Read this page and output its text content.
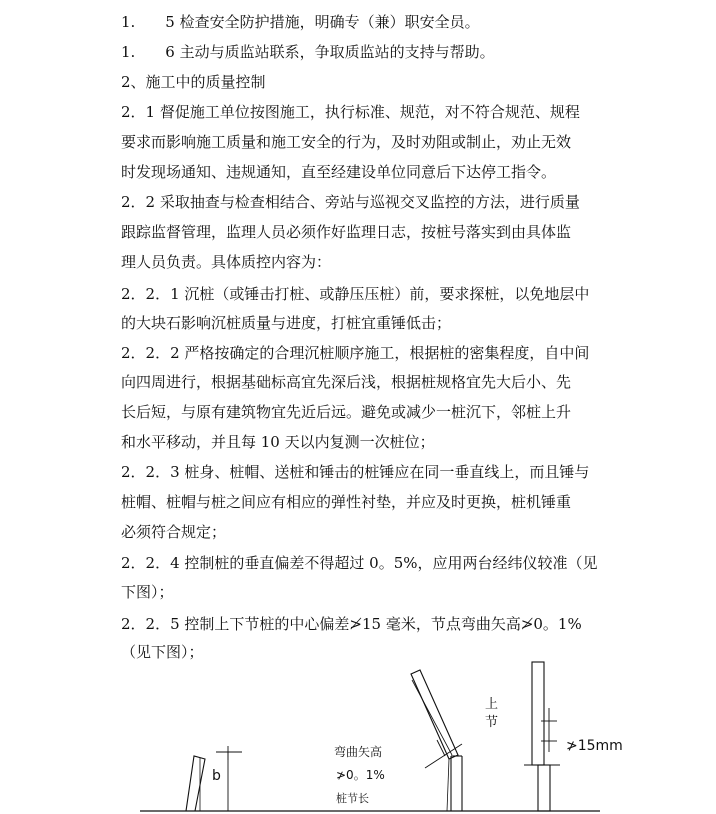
1.　　5 检查安全防护措施，明确专（兼）职安全员。
1.　　6 主动与质监站联系，争取质监站的支持与帮助。
2、施工中的质量控制
2．1 督促施工单位按图施工，执行标准、规范，对不符合规范、规程
要求而影响施工质量和施工安全的行为，及时劝阻或制止，劝止无效
时发现场通知、违规通知，直至经建设单位同意后下达停工指令。
2．2 采取抽查与检查相结合、旁站与巡视交叉监控的方法，进行质量
跟踪监督管理，监理人员必须作好监理日志，按桩号落实到由具体监
理人员负责。具体质控内容为：
2．2．1 沉桩（或锤击打桩、或静压压桩）前，要求探桩，以免地层中
的大块石影响沉桩质量与进度，打桩宜重锤低击；
2．2．2 严格按确定的合理沉桩顺序施工，根据桩的密集程度，自中间
向四周进行，根据基础标高宜先深后浅，根据桩规格宜先大后小、先
长后短，与原有建筑物宜先近后远。避免或减少一桩沉下，邻桩上升
和水平移动，并且每 10 天以内复测一次桩位；
2．2．3 桩身、桩帽、送桩和锤击的桩锤应在同一垂直线上，而且锤与
桩帽、桩帽与桩之间应有相应的弹性衬垫，并应及时更换，桩机锤重
必须符合规定；
2．2．4 控制桩的垂直偏差不得超过 0。5%，应用两台经纬仪较准（见
下图）；
2．2．5 控制上下节桩的中心偏差≯15 毫米，节点弯曲矢高≯0。1%
（见下图）；
b
弯曲矢高
≯0。1%
桩节长
上
节
≯15mm
